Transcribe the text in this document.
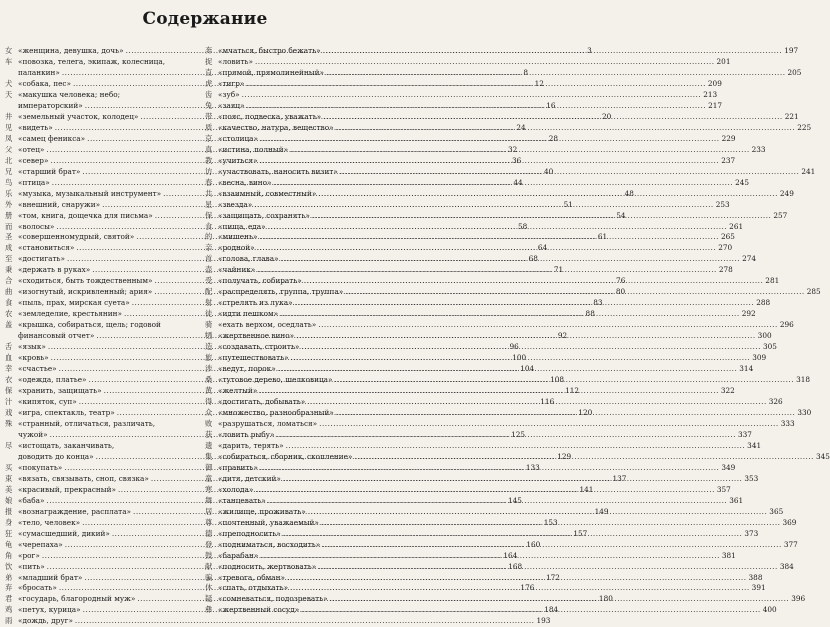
Содержание
女 «женщина, девушка, дочь» .....	3
车 «повозка, телега, экипаж, колесница,
паланкин» .....	8
犬 «собака, пес» .....	12
天 «макушка человека; небо;
императорский» .....	16
井 «земельный участок, колодец» .....	20
见 «видеть» .....	24
凤 «самец феникса» .....	28
父 «отец» .....	32
北 «север» .....	36
兄 «старший брат» .....	40
鸟 «птица» .....	44
乐 «музыка, музыкальный инструмент» .....	48
外 «внешний, снаружи» .....	51
册 «том, книга, дощечка для письма» .....	54
而 «волосы» .....	58
圣 «совершенномудрый, святой» .....	61
成 «становиться» .....	64
至 «достигать» .....	68
秉 «держать в руках» .....	71
合 «сходиться, быть тождественным» .....	76
曲 «изогнутый, искривленный; ария» .....	80
食 «пыль, прах, мирская суета» .....	83
农 «земледелие, крестьянин» .....	88
盖 «крышка, собираться, щель; годовой
финансовый отчет» .....	92
舌 «язык» .....	96
血 «кровь» .....	100
幸 «счастье» .....	104
衣 «одежда, платье» .....	108
保 «хранить, защищать» .....	112
汁 «кипяток, суп» .....	116
戏 «игра, спектакль, театр» .....	120
殊 «странный, отличаться, различать,
чужой» .....	125
尽 «истощать, заканчивать,
доводить до конца» .....	129
买 «покупать» .....	133
束 «вязать, связывать, сноп, связка» .....	137
美 «красивый, прекрасный» .....	141
娘 «баба» .....	145
报 «вознаграждение, расплата» .....	149
身 «тело, человек» .....	153
狂 «сумасшедший, дикий» .....	157
龟 «черепаха» .....	160
角 «рог» .....	164
饮 «пить» .....	168
弟 «младший брат» .....	172
弃 «бросать» .....	176
君 «государь, благородный муж» .....	180
鸡 «петух, курица» .....	184
雨 «дождь, друг» .....	193
奔 «мчаться, быстро бежать» .....	197
捉 «ловить» .....	201
直 «прямой, прямолинейный» .....	205
虎 «тигр» .....	209
齿 «зуб» .....	213
兔 «заяц» .....	217
带 «пояс, подвеска, уважать» .....	221
质 «качество, натура, вещество» .....	225
京 «столица» .....	229
真 «истина, полный» .....	233
教 «учиться» .....	237
访 «участвовать, наносить визит» .....	241
春 «весна, вино» .....	245
共 «взаимный, совместный» .....	249
星 «звезда» .....	253
保 «защищать, сохранять» .....	257
食 «пища, еда» .....	261
的 «мишень» .....	265
亲 «родной» .....	270
首 «голова, глава» .....	274
壶 «чайник» .....	278
受 «получать, собирать» .....	281
配 «распределять, группа, труппа» .....	285
射 «стрелять из лука» .....	288
徒 «идти пешком» .....	292
骑 «ехать верхом, оседлать» .....	296
牺 «жертвенное вино» .....	300
造 «создавать, строить» .....	305
旅 «путешествовать» .....	309
涉 «ведут, порок» .....	314
桑 «тутовое дерево, шелковица» .....	318
黄 «желтый» .....	322
得 «достигать, добывать» .....	326
众 «множество, разнообразный» .....	330
败 «разрушаться, ломаться» .....	333
获 «ловить рыбу» .....	337
遗 «дарить, терять» .....	341
集 «собираться, сборник, скопление» .....	345
御 «править» .....	349
童 «дитя, детский» .....	353
寒 «холода» .....	357
舞 «танцевать» .....	361
居 «жилище, проживать» .....	365
尊 «почтенный, уважаемый» .....	369
德 «преподносить» .....	373
登 «подниматься, восходить» .....	377
鼓 «барабан» .....	381
献 «подносить, жертвовать» .....	384
骗 «тревога, обман» .....	388
休 «спать, отдыхать» .....	391
疑 «сомневаться, подозревать» .....	396
彝 «жертвенный сосуд» .....	400
